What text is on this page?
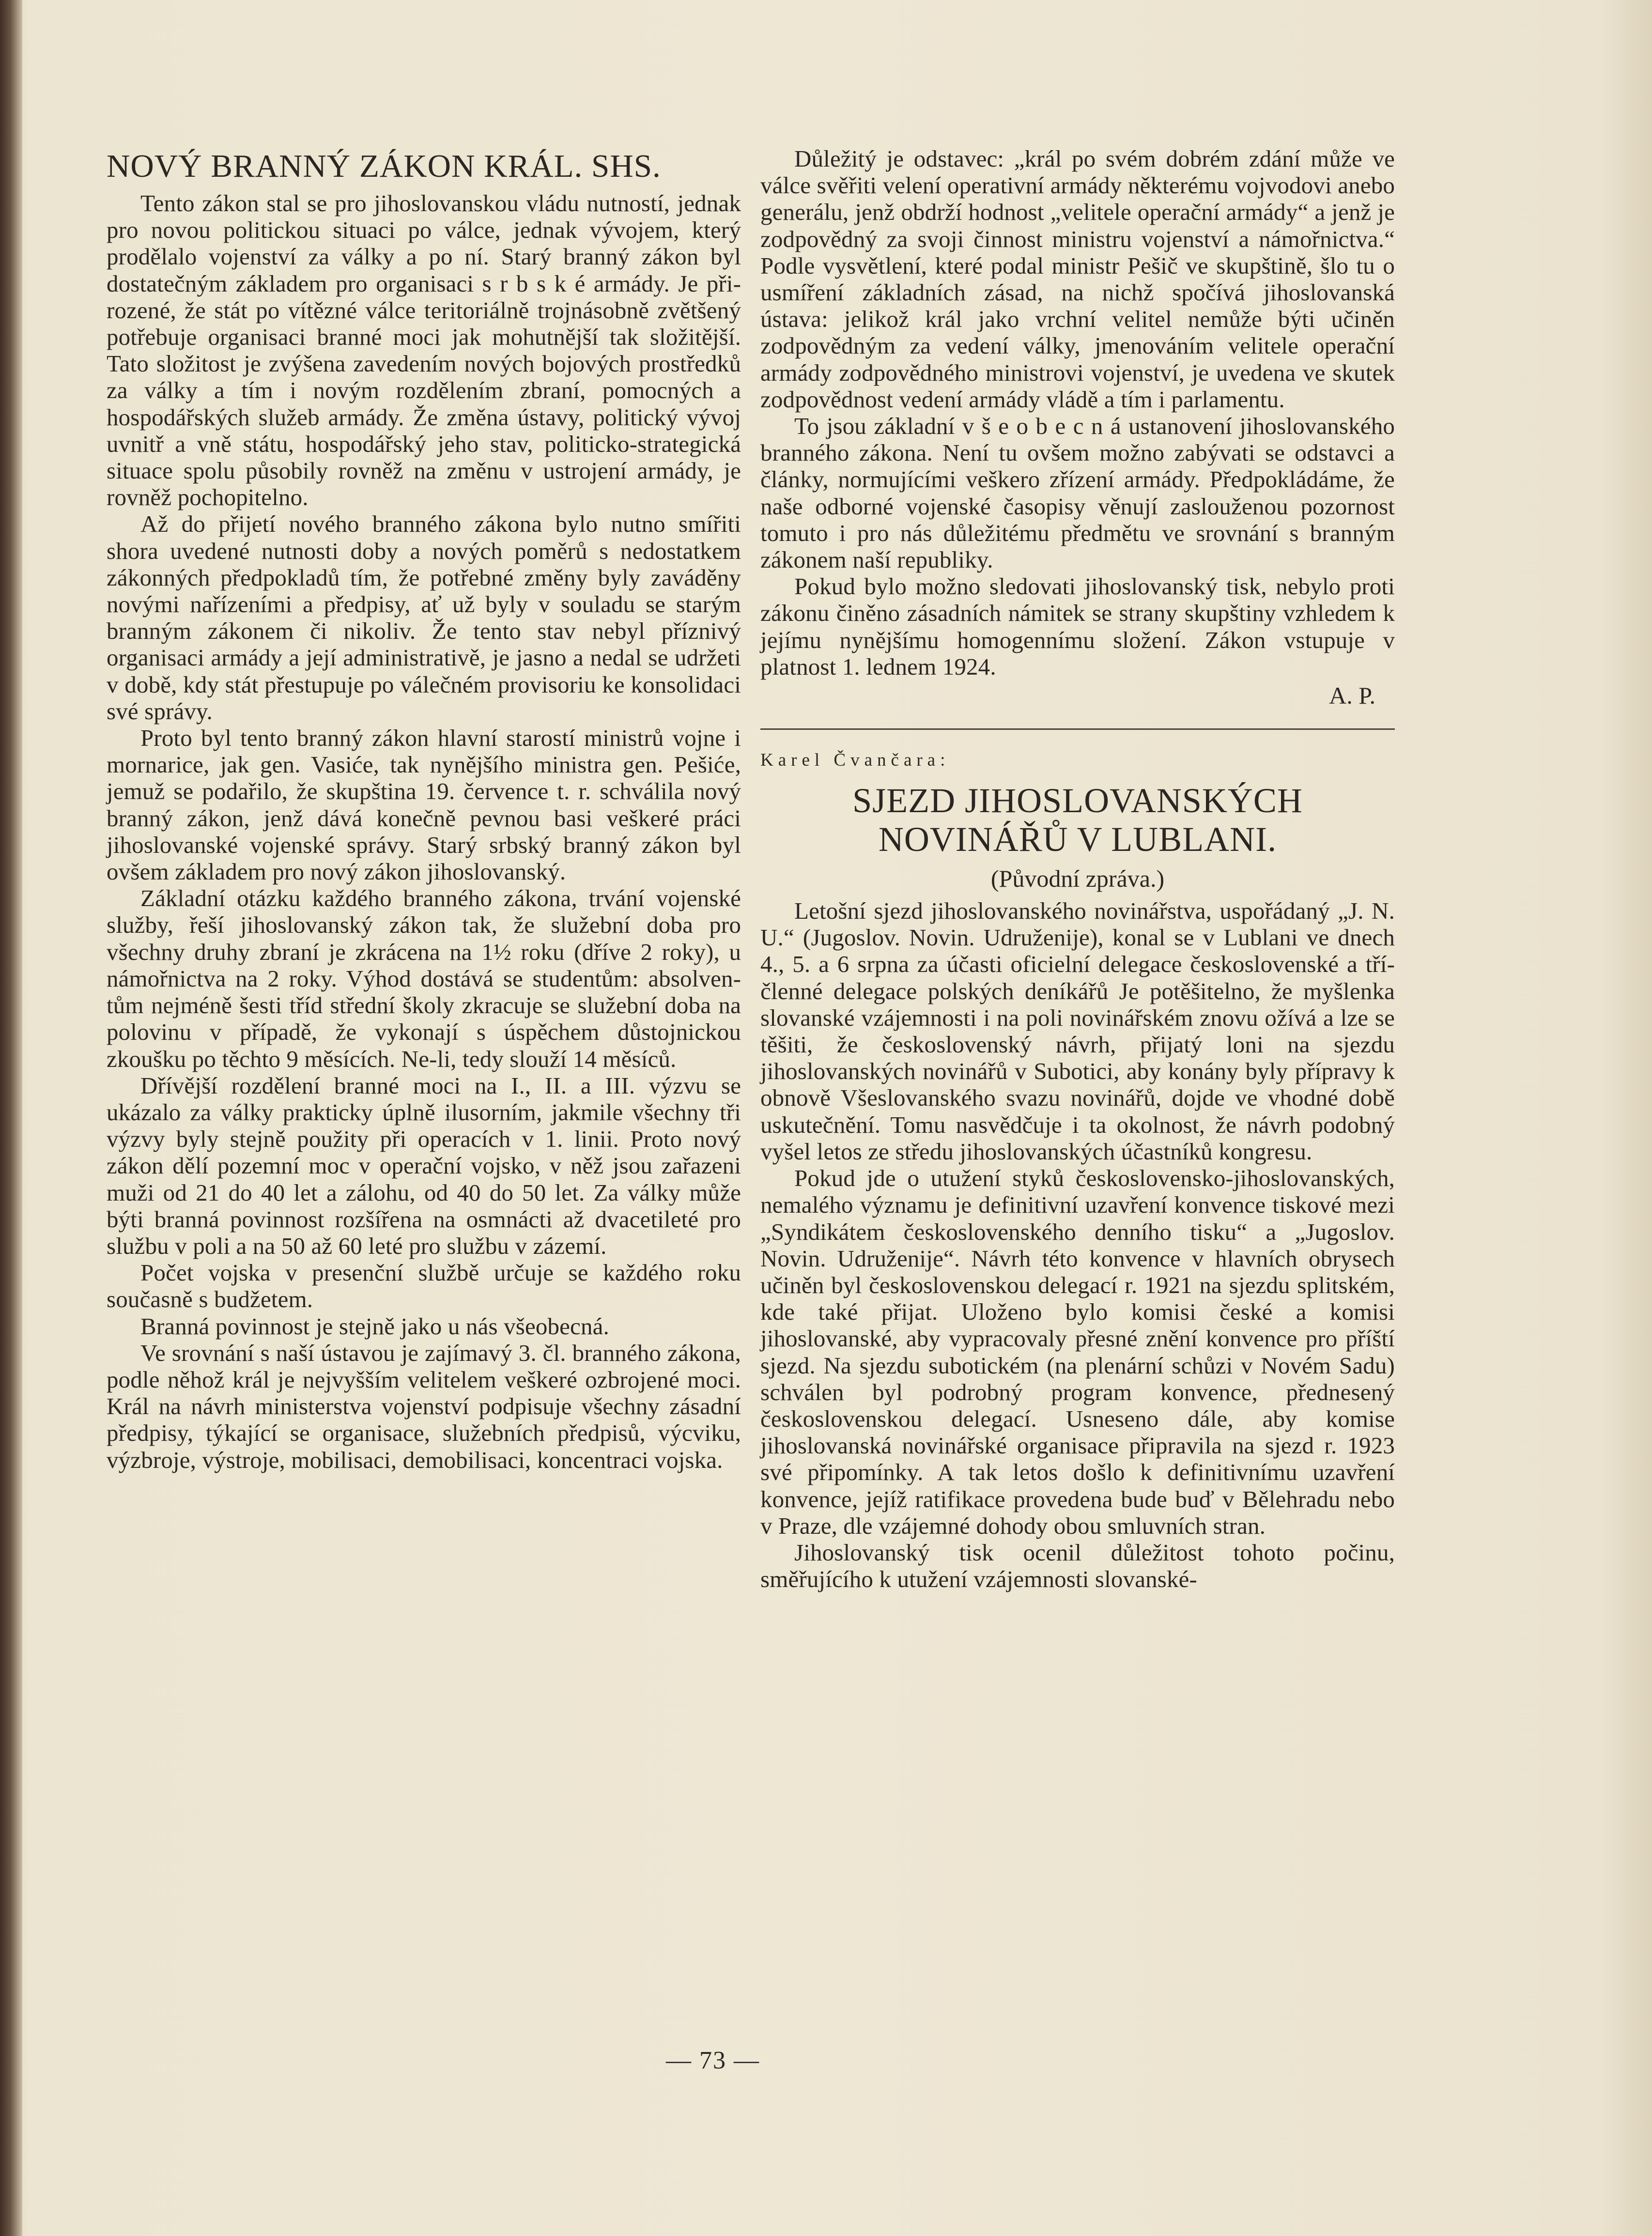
NOVÝ BRANNÝ ZÁKON KRÁL. SHS.

Tento zákon stal se pro jihoslovanskou vládu nutností, jednak pro novou politickou situaci po válce, jednak vývojem, který prodělalo vojenství za války a po ní. Starý branný zákon byl dostatečným základem pro organisaci s r b s k é armády. Je přirozené, že stát po vítězné válce teritoriálně trojnásobně zvětšený potřebuje organisaci branné moci jak mohutnější tak složitější. Tato složitost je zvýšena zavedením nových bojových prostředků za války a tím i novým rozdělením zbraní, pomocných a hospodářských služeb armády. Že změna ústavy, politický vývoj uvnitř a vně státu, hospodářský jeho stav, politicko-strategická situace spolu působily rovněž na změnu v ustrojení armády, je rovněž pochopitelno.

Až do přijetí nového branného zákona bylo nutno smířiti shora uvedené nutnosti doby a nových poměrů s nedostatkem zákonných předpokladů tím, že potřebné změny byly zaváděny novými nařízeními a předpisy, ať už byly v souladu se starým branným zákonem či nikoliv. Že tento stav nebyl příznivý organisaci armády a její administrativě, je jasno a nedal se udržeti v době, kdy stát přestupuje po válečném provisoriu ke konsolidaci své správy.

Proto byl tento branný zákon hlavní starostí ministrů vojne i mornarice, jak gen. Vasiće, tak nynějšího ministra gen. Pešiće, jemuž se podařilo, že skupština 19. července t. r. schválila nový branný zákon, jenž dává konečně pevnou basi veškeré práci jihoslovanské vojenské správy. Starý srbský branný zákon byl ovšem základem pro nový zákon jihoslovanský.

Základní otázku každého branného zákona, trvání vojenské služby, řeší jihoslovanský zákon tak, že služební doba pro všechny druhy zbraní je zkrácena na 1½ roku (dříve 2 roky), u námořnictva na 2 roky. Výhod dostává se studentům: absolventům nejméně šesti tříd střední školy zkracuje se služební doba na polovinu v případě, že vykonají s úspěchem důstojnickou zkoušku po těchto 9 měsících. Ne-li, tedy slouží 14 měsíců.

Dřívější rozdělení branné moci na I., II. a III. výzvu se ukázalo za války prakticky úplně ilusorním, jakmile všechny tři výzvy byly stejně použity při operacích v 1. linii. Proto nový zákon dělí pozemní moc v operační vojsko, v něž jsou zařazeni muži od 21 do 40 let a zálohu, od 40 do 50 let. Za války může býti branná povinnost rozšířena na osmnácti až dvacetileté pro službu v poli a na 50 až 60 leté pro službu v zázemí.

Počet vojska v presenční službě určuje se každého roku současně s budžetem.

Branná povinnost je stejně jako u nás všeobecná.

Ve srovnání s naší ústavou je zajímavý 3. čl. branného zákona, podle něhož král je nejvyšším velitelem veškeré ozbrojené moci. Král na návrh ministerstva vojenství podpisuje všechny zásadní předpisy, týkající se organisace, služebních předpisů, výcviku, výzbroje, výstroje, mobilisaci, demobilisaci, koncentraci vojska.

Důležitý je odstavec: „král po svém dobrém zdání může ve válce svěřiti velení operativní armády některému vojvodovi anebo generálu, jenž obdrží hodnost „velitele operační armády“ a jenž je zodpovědný za svoji činnost ministru vojenství a námořnictva.“ Podle vysvětlení, které podal ministr Pešič ve skupštině, šlo tu o usmíření základních zásad, na nichž spočívá jihoslovanská ústava: jelikož král jako vrchní velitel nemůže býti učiněn zodpovědným za vedení války, jmenováním velitele operační armády zodpovědného ministrovi vojenství, je uvedena ve skutek zodpovědnost vedení armády vládě a tím i parlamentu.

To jsou základní v š e o b e c n á ustanovení jihoslovanského branného zákona. Není tu ovšem možno zabývati se odstavci a články, normujícími veškero zřízení armády. Předpokládáme, že naše odborné vojenské časopisy věnují zaslouženou pozornost tomuto i pro nás důležitému předmětu ve srovnání s branným zákonem naší republiky.

Pokud bylo možno sledovati jihoslovanský tisk, nebylo proti zákonu činěno zásadních námitek se strany skupštiny vzhledem k jejímu nynějšímu homogennímu složení. Zákon vstupuje v platnost 1. lednem 1924.

A. P.
Karel Čvančara:
SJEZD JIHOSLOVANSKÝCH
NOVINÁŘŮ V LUBLANI.
(Původní zpráva.)

Letošní sjezd jihoslovanského novinářstva, uspořádaný „J. N. U.“ (Jugoslov. Novin. Udruženije), konal se v Lublani ve dnech 4., 5. a 6 srpna za účasti oficielní delegace československé a tříčlenné delegace polských deníkářů Je potěšitelno, že myšlenka slovanské vzájemnosti i na poli novinářském znovu ožívá a lze se těšiti, že československý návrh, přijatý loni na sjezdu jihoslovanských novinářů v Subotici, aby konány byly přípravy k obnově Všeslovanského svazu novinářů, dojde ve vhodné době uskutečnění. Tomu nasvědčuje i ta okolnost, že návrh podobný vyšel letos ze středu jihoslovanských účastníků kongresu.

Pokud jde o utužení styků československo-jihoslovanských, nemalého významu je definitivní uzavření konvence tiskové mezi „Syndikátem československého denního tisku“ a „Jugoslov. Novin. Udruženije“. Návrh této konvence v hlavních obrysech učiněn byl československou delegací r. 1921 na sjezdu splitském, kde také přijat. Uloženo bylo komisi české a komisi jihoslovanské, aby vypracovaly přesné znění konvence pro příští sjezd. Na sjezdu subotickém (na plenární schůzi v Novém Sadu) schválen byl podrobný program konvence, přednesený československou delegací. Usneseno dále, aby komise jihoslovanská novinářské organisace připravila na sjezd r. 1923 své připomínky. A tak letos došlo k definitivnímu uzavření konvence, jejíž ratifikace provedena bude buď v Bělehradu nebo v Praze, dle vzájemné dohody obou smluvních stran.

Jihoslovanský tisk ocenil důležitost tohoto počinu, směřujícího k utužení vzájemnosti slovanské-

— 73 —
